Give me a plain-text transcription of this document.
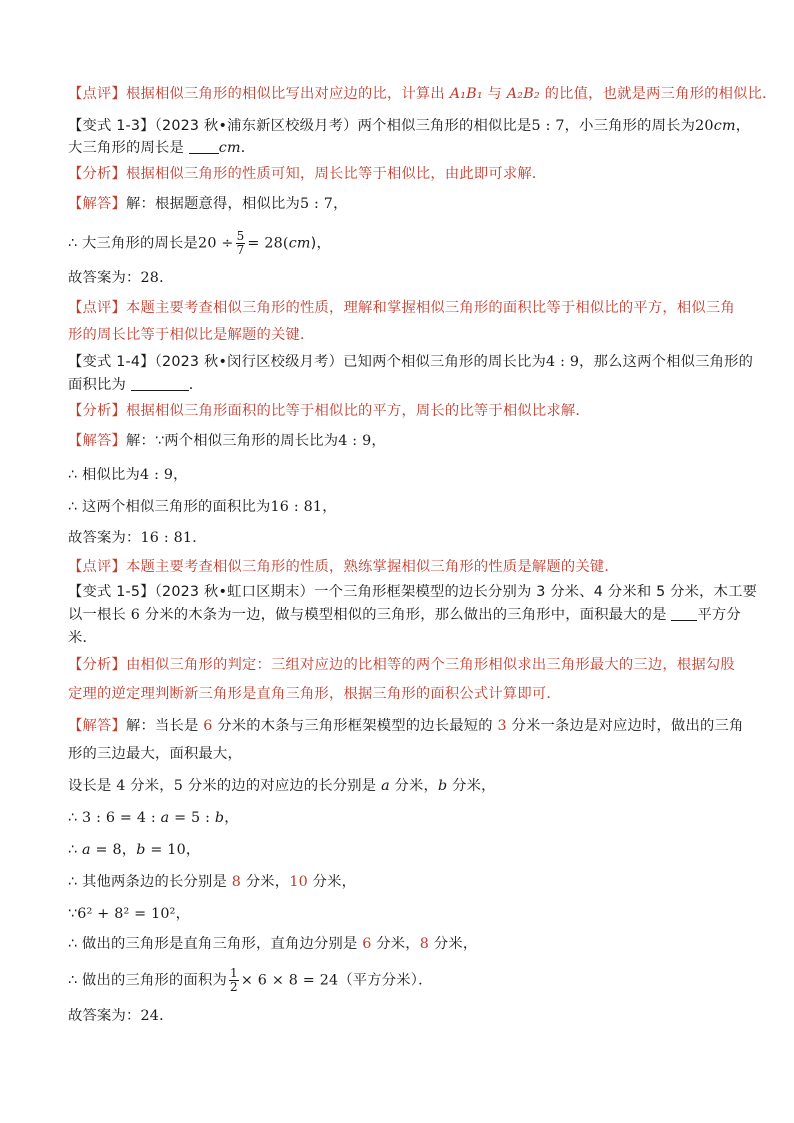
【点评】根据相似三角形的相似比写出对应边的比，计算出 A₁B₁ 与 A₂B₂ 的比值，也就是两三角形的相似比．
【变式 1-3】（2023 秋•浦东新区校级月考）两个相似三角形的相似比是5 : 7，小三角形的周长为20cm，
大三角形的周长是 cm．
【分析】根据相似三角形的性质可知，周长比等于相似比，由此即可求解．
【解答】解：根据题意得，相似比为5 : 7，
∴ 大三角形的周长是$20 \div \frac{5}{7} = 28(cm)$，
故答案为：28．
【点评】本题主要考查相似三角形的性质，理解和掌握相似三角形的面积比等于相似比的平方，相似三角
形的周长比等于相似比是解题的关键．
【变式 1-4】（2023 秋•闵行区校级月考）已知两个相似三角形的周长比为4 : 9，那么这两个相似三角形的
面积比为	．
【分析】根据相似三角形面积的比等于相似比的平方，周长的比等于相似比求解．
【解答】解：∵两个相似三角形的周长比为4 : 9，
∴ 相似比为4 : 9，
∴ 这两个相似三角形的面积比为16 : 81，
故答案为：16 : 81．
【点评】本题主要考查相似三角形的性质，熟练掌握相似三角形的性质是解题的关键．
【变式 1-5】（2023 秋•虹口区期末）一个三角形框架模型的边长分别为 3 分米、4 分米和 5 分米，木工要
以一根长 6 分米的木条为一边，做与模型相似的三角形，那么做出的三角形中，面积最大的是 平方分
米．
【分析】由相似三角形的判定：三组对应边的比相等的两个三角形相似求出三角形最大的三边，根据勾股
定理的逆定理判断新三角形是直角三角形，根据三角形的面积公式计算即可．
【解答】解：当长是 6 分米的木条与三角形框架模型的边长最短的 3 分米一条边是对应边时，做出的三角
形的三边最大，面积最大，
设长是 4 分米，5 分米的边的对应边的长分别是 a 分米，b 分米，
∴ 3 : 6 = 4 : a = 5 : b，
∴ a = 8，b = 10，
∴ 其他两条边的长分别是 8 分米，10 分米，
∵6² + 8² = 10²，
∴ 做出的三角形是直角三角形，直角边分别是 6 分米，8 分米，
∴ 做出的三角形的面积为 $\frac{1}{2} \times 6 \times 8 = 24$（平方分米）．
故答案为：24．
